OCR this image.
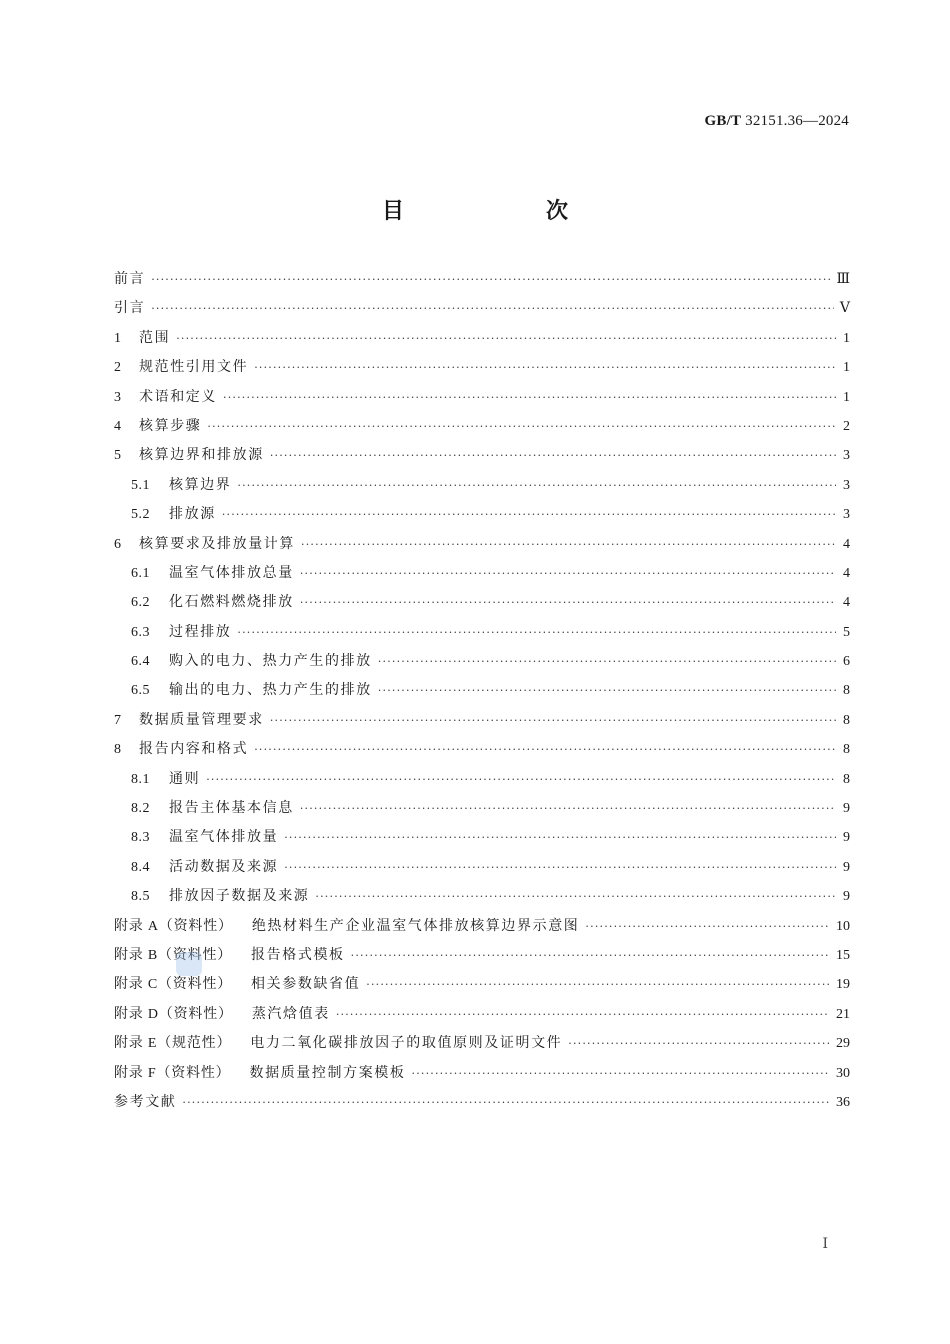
GB/T 32151.36—2024
目　次
前言 ·····	Ⅲ
引言 ·····	Ⅴ
1	范围 ·····	1
2	规范性引用文件 ·····	1
3	术语和定义 ·····	1
4	核算步骤 ·····	2
5	核算边界和排放源 ·····	3
5.1	核算边界 ·····	3
5.2	排放源 ·····	3
6	核算要求及排放量计算 ·····	4
6.1	温室气体排放总量 ·····	4
6.2	化石燃料燃烧排放 ·····	4
6.3	过程排放 ·····	5
6.4	购入的电力、热力产生的排放 ·····	6
6.5	输出的电力、热力产生的排放 ·····	8
7	数据质量管理要求 ·····	8
8	报告内容和格式 ·····	8
8.1	通则 ·····	8
8.2	报告主体基本信息 ·····	9
8.3	温室气体排放量 ·····	9
8.4	活动数据及来源 ·····	9
8.5	排放因子数据及来源 ·····	9
附录 A（资料性） 绝热材料生产企业温室气体排放核算边界示意图 ·····	10
附录 B（资料性） 报告格式模板 ·····	15
附录 C（资料性） 相关参数缺省值 ·····	19
附录 D（资料性） 蒸汽焓值表 ·····	21
附录 E（规范性） 电力二氧化碳排放因子的取值原则及证明文件 ·····	29
附录 F（资料性） 数据质量控制方案模板 ·····	30
参考文献 ·····	36
Ⅰ
